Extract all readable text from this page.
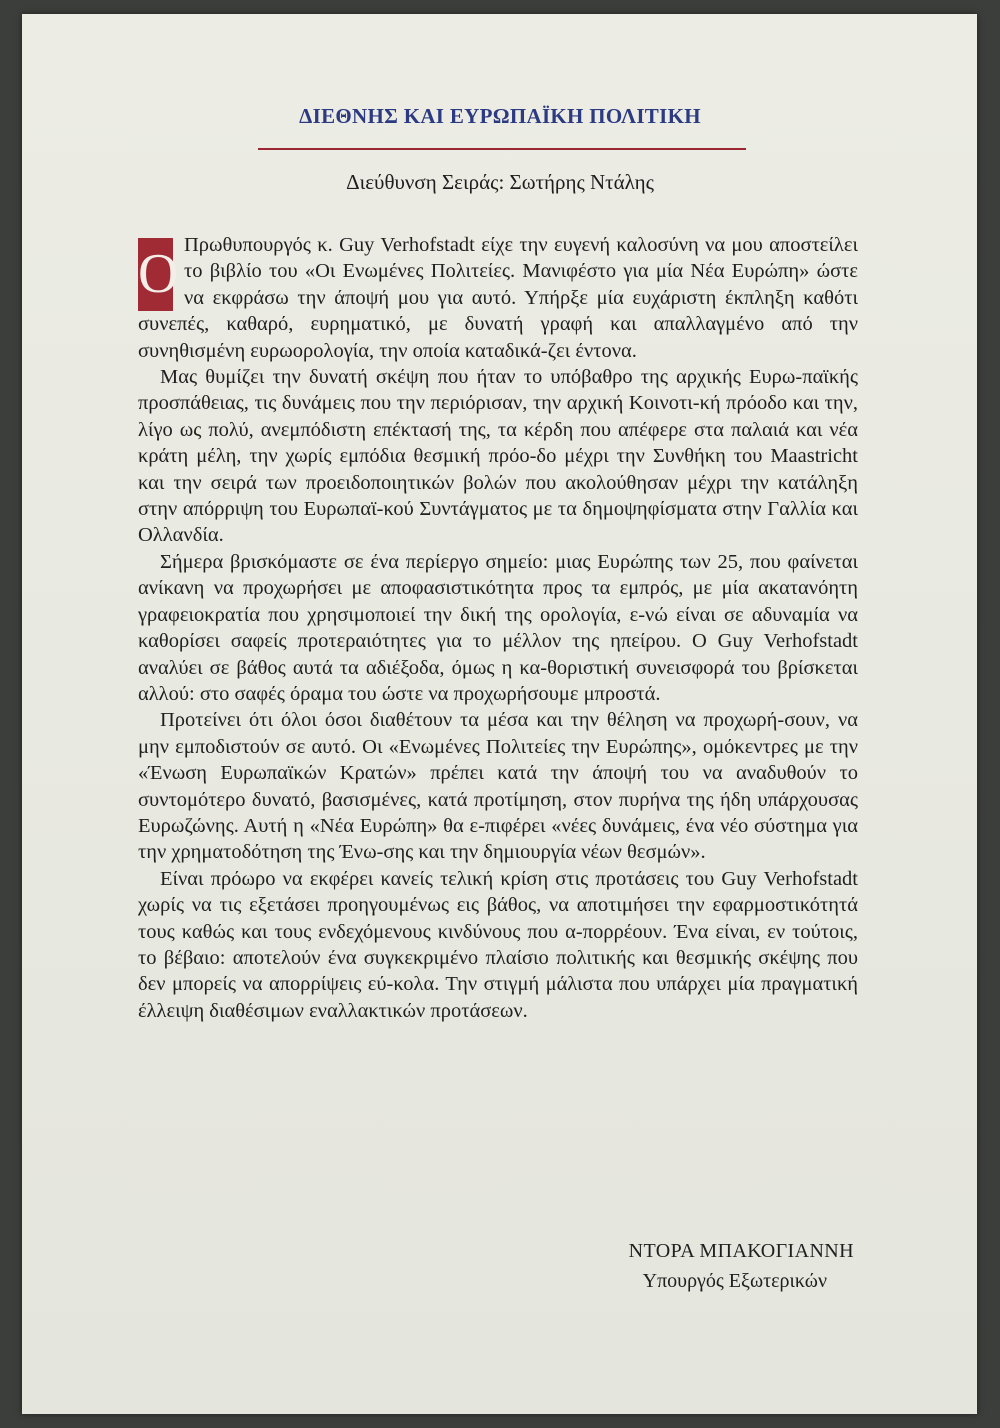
ΔΙΕΘΝΗΣ ΚΑΙ ΕΥΡΩΠΑΪΚΗ ΠΟΛΙΤΙΚΗ
Διεύθυνση Σειράς: Σωτήρης Ντάλης

Ο Πρωθυπουργός κ. Guy Verhofstadt είχε την ευγενή καλοσύνη να μου αποστείλει το βιβλίο του «Οι Ενωμένες Πολιτείες. Μανιφέστο για μία Νέα Ευρώπη» ώστε να εκφράσω την άποψή μου για αυτό. Υπήρξε μία ευχάριστη έκπληξη καθότι συνεπές, καθαρό, ευρηματικό, με δυνατή γραφή και απαλλαγμένο από την συνηθισμένη ευρωορολογία, την οποία καταδικά-ζει έντονα.

Μας θυμίζει την δυνατή σκέψη που ήταν το υπόβαθρο της αρχικής Ευρω-παϊκής προσπάθειας, τις δυνάμεις που την περιόρισαν, την αρχική Κοινοτι-κή πρόοδο και την, λίγο ως πολύ, ανεμπόδιστη επέκτασή της, τα κέρδη που απέφερε στα παλαιά και νέα κράτη μέλη, την χωρίς εμπόδια θεσμική πρόο-δο μέχρι την Συνθήκη του Maastricht και την σειρά των προειδοποιητικών βολών που ακολούθησαν μέχρι την κατάληξη στην απόρριψη του Ευρωπαϊ-κού Συντάγματος με τα δημοψηφίσματα στην Γαλλία και Ολλανδία.

Σήμερα βρισκόμαστε σε ένα περίεργο σημείο: μιας Ευρώπης των 25, που φαίνεται ανίκανη να προχωρήσει με αποφασιστικότητα προς τα εμπρός, με μία ακατανόητη γραφειοκρατία που χρησιμοποιεί την δική της ορολογία, ε-νώ είναι σε αδυναμία να καθορίσει σαφείς προτεραιότητες για το μέλλον της ηπείρου. Ο Guy Verhofstadt αναλύει σε βάθος αυτά τα αδιέξοδα, όμως η κα-θοριστική συνεισφορά του βρίσκεται αλλού: στο σαφές όραμα του ώστε να προχωρήσουμε μπροστά.

Προτείνει ότι όλοι όσοι διαθέτουν τα μέσα και την θέληση να προχωρή-σουν, να μην εμποδιστούν σε αυτό. Οι «Ενωμένες Πολιτείες την Ευρώπης», ομόκεντρες με την «Ένωση Ευρωπαϊκών Κρατών» πρέπει κατά την άποψή του να αναδυθούν το συντομότερο δυνατό, βασισμένες, κατά προτίμηση, στον πυρήνα της ήδη υπάρχουσας Ευρωζώνης. Αυτή η «Νέα Ευρώπη» θα ε-πιφέρει «νέες δυνάμεις, ένα νέο σύστημα για την χρηματοδότηση της Ένω-σης και την δημιουργία νέων θεσμών».

Είναι πρόωρο να εκφέρει κανείς τελική κρίση στις προτάσεις του Guy Verhofstadt χωρίς να τις εξετάσει προηγουμένως εις βάθος, να αποτιμήσει την εφαρμοστικότητά τους καθώς και τους ενδεχόμενους κινδύνους που α-πορρέουν. Ένα είναι, εν τούτοις, το βέβαιο: αποτελούν ένα συγκεκριμένο πλαίσιο πολιτικής και θεσμικής σκέψης που δεν μπορείς να απορρίψεις εύ-κολα. Την στιγμή μάλιστα που υπάρχει μία πραγματική έλλειψη διαθέσιμων εναλλακτικών προτάσεων.

ΝΤΟΡΑ ΜΠΑΚΟΓΙΑΝΝΗ
Υπουργός Εξωτερικών
